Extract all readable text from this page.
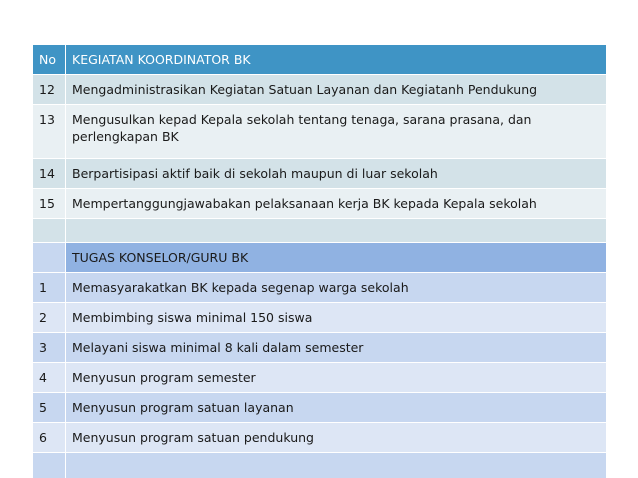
No	KEGIATAN KOORDINATOR BK
12	Mengadministrasikan Kegiatan Satuan Layanan dan Kegiatanh Pendukung
13	Mengusulkan kepad Kepala sekolah tentang tenaga, sarana prasana, dan perlengkapan BK
14	Berpartisipasi aktif baik di sekolah maupun di luar sekolah
15	Mempertanggungjawabakan pelaksanaan kerja BK kepada Kepala sekolah

	TUGAS KONSELOR/GURU BK
1	Memasyarakatkan BK kepada segenap warga sekolah
2	Membimbing siswa minimal 150 siswa
3	Melayani siswa minimal 8 kali dalam semester
4	Menyusun program semester
5	Menyusun program satuan layanan
6	Menyusun program satuan pendukung
